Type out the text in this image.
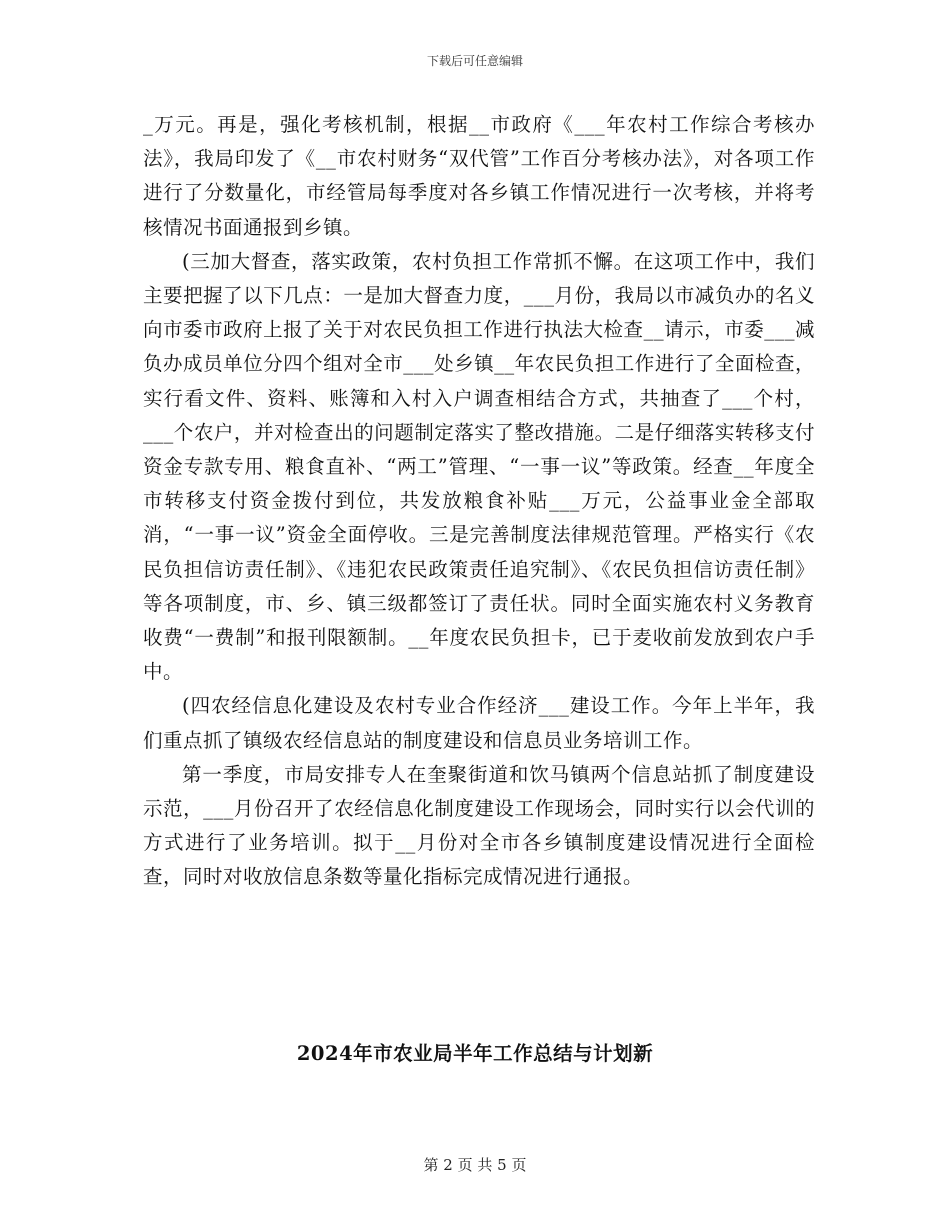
下载后可任意编辑

_万元。再是，强化考核机制，根据__市政府《___年农村工作综合考核办法》，我局印发了《__市农村财务“双代管”工作百分考核办法》，对各项工作进行了分数量化，市经管局每季度对各乡镇工作情况进行一次考核，并将考核情况书面通报到乡镇。

(三加大督查，落实政策，农村负担工作常抓不懈。在这项工作中，我们主要把握了以下几点：一是加大督查力度，___月份，我局以市减负办的名义向市委市政府上报了关于对农民负担工作进行执法大检查__请示，市委___减负办成员单位分四个组对全市___处乡镇__年农民负担工作进行了全面检查，实行看文件、资料、账簿和入村入户调查相结合方式，共抽查了___个村，___个农户，并对检查出的问题制定落实了整改措施。二是仔细落实转移支付资金专款专用、粮食直补、“两工”管理、“一事一议”等政策。经查__年度全市转移支付资金拨付到位，共发放粮食补贴___万元，公益事业金全部取消，“一事一议”资金全面停收。三是完善制度法律规范管理。严格实行《农民负担信访责任制》、《违犯农民政策责任追究制》、《农民负担信访责任制》等各项制度，市、乡、镇三级都签订了责任状。同时全面实施农村义务教育收费“一费制”和报刊限额制。__年度农民负担卡，已于麦收前发放到农户手中。

(四农经信息化建设及农村专业合作经济___建设工作。今年上半年，我们重点抓了镇级农经信息站的制度建设和信息员业务培训工作。

第一季度，市局安排专人在奎聚街道和饮马镇两个信息站抓了制度建设示范，___月份召开了农经信息化制度建设工作现场会，同时实行以会代训的方式进行了业务培训。拟于__月份对全市各乡镇制度建设情况进行全面检查，同时对收放信息条数等量化指标完成情况进行通报。

2024年市农业局半年工作总结与计划新
第 2 页 共 5 页
